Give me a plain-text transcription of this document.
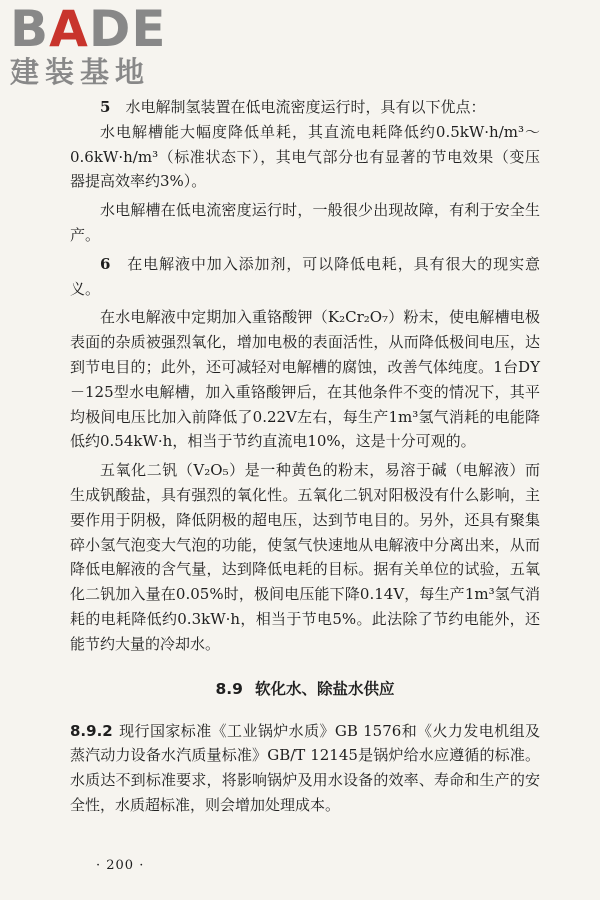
BADE
建装基地

5　 水电解制氢装置在低电流密度运行时，具有以下优点：

水电解槽能大幅度降低单耗，其直流电耗降低约0.5kW·h/m³～0.6kW·h/m³（标准状态下），其电气部分也有显著的节电效果（变压器提高效率约3%）。

水电解槽在低电流密度运行时，一般很少出现故障，有利于安全生产。

6　 在电解液中加入添加剂，可以降低电耗，具有很大的现实意义。

在水电解液中定期加入重铬酸钾（K₂Cr₂O₇）粉末，使电解槽电极表面的杂质被强烈氧化，增加电极的表面活性，从而降低极间电压，达到节电目的；此外，还可减轻对电解槽的腐蚀，改善气体纯度。1台DY－125型水电解槽，加入重铬酸钾后，在其他条件不变的情况下，其平均极间电压比加入前降低了0.22V左右，每生产1m³氢气消耗的电能降低约0.54kW·h，相当于节约直流电10%，这是十分可观的。

五氧化二钒（V₂O₅）是一种黄色的粉末，易溶于碱（电解液）而生成钒酸盐，具有强烈的氧化性。五氧化二钒对阳极没有什么影响，主要作用于阴极，降低阴极的超电压，达到节电目的。另外，还具有聚集碎小氢气泡变大气泡的功能，使氢气快速地从电解液中分离出来，从而降低电解液的含气量，达到降低电耗的目标。据有关单位的试验，五氧化二钒加入量在0.05%时，极间电压能下降0.14V，每生产1m³氢气消耗的电耗降低约0.3kW·h，相当于节电5%。此法除了节约电能外，还能节约大量的冷却水。

8.9 软化水、除盐水供应

8.9.2 现行国家标准《工业锅炉水质》GB 1576和《火力发电机组及蒸汽动力设备水汽质量标准》GB/T 12145是锅炉给水应遵循的标准。水质达不到标准要求，将影响锅炉及用水设备的效率、寿命和生产的安全性，水质超标准，则会增加处理成本。

· 200 ·
